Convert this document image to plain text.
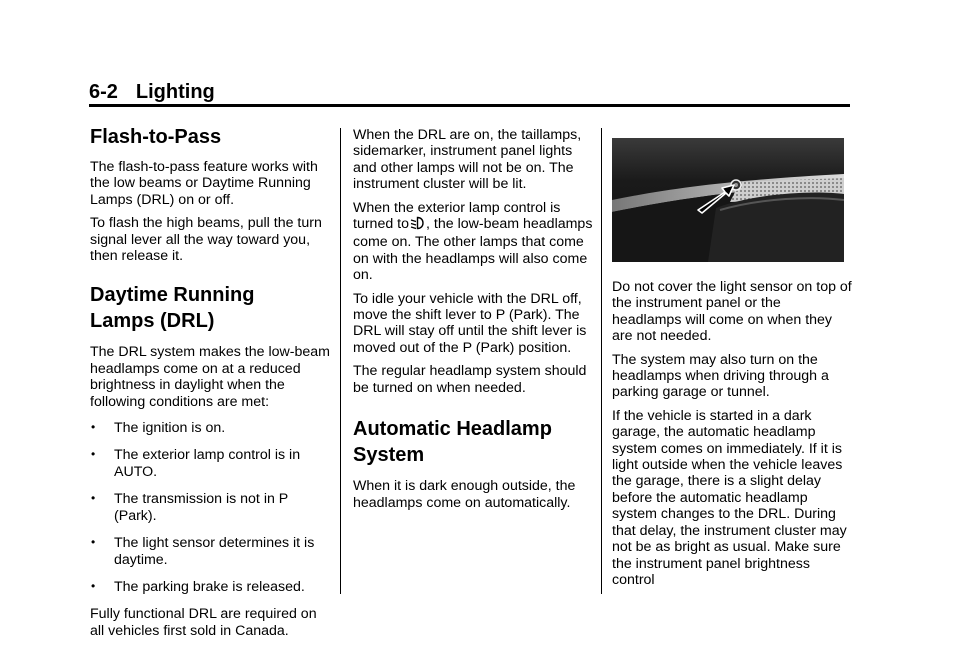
6-2 Lighting
Flash-to-Pass

The flash-to-pass feature works with the low beams or Daytime Running Lamps (DRL) on or off.

To flash the high beams, pull the turn signal lever all the way toward you, then release it.

Daytime Running
Lamps (DRL)

The DRL system makes the low-beam headlamps come on at a reduced brightness in daylight when the following conditions are met:

• The ignition is on.
• The exterior lamp control is in AUTO.
• The transmission is not in P (Park).
• The light sensor determines it is daytime.
• The parking brake is released.

Fully functional DRL are required on all vehicles first sold in Canada.

When the DRL are on, the taillamps, sidemarker, instrument panel lights and other lamps will not be on. The instrument cluster will be lit.

When the exterior lamp control is turned to , the low-beam headlamps come on. The other lamps that come on with the headlamps will also come on.

To idle your vehicle with the DRL off, move the shift lever to P (Park). The DRL will stay off until the shift lever is moved out of the P (Park) position.

The regular headlamp system should be turned on when needed.

Automatic Headlamp
System

When it is dark enough outside, the headlamps come on automatically.

Do not cover the light sensor on top of the instrument panel or the headlamps will come on when they are not needed.

The system may also turn on the headlamps when driving through a parking garage or tunnel.

If the vehicle is started in a dark garage, the automatic headlamp system comes on immediately. If it is light outside when the vehicle leaves the garage, there is a slight delay before the automatic headlamp system changes to the DRL. During that delay, the instrument cluster may not be as bright as usual. Make sure the instrument panel brightness control
